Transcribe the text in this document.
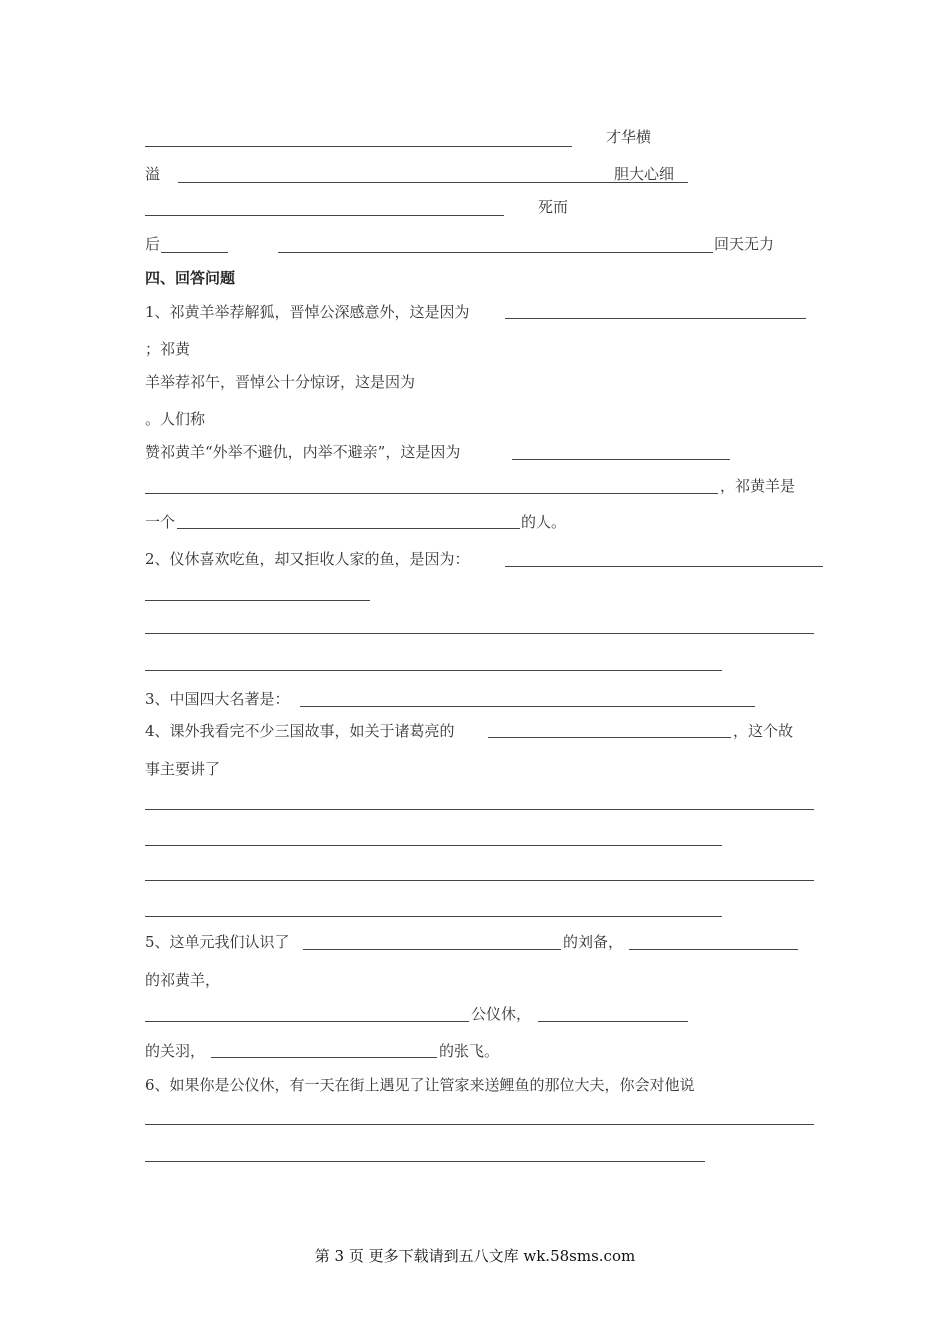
才华横
溢	胆大心细
死而
后	回天无力
四、回答问题
1、祁黄羊举荐解狐，晋悼公深感意外，这是因为
；祁黄
羊举荐祁午，晋悼公十分惊讶，这是因为
。人们称
赞祁黄羊“外举不避仇，内举不避亲”，这是因为
，祁黄羊是
一个	的人。
2、仪休喜欢吃鱼，却又拒收人家的鱼，是因为：
3、中国四大名著是：
4、课外我看完不少三国故事，如关于诸葛亮的	，这个故
事主要讲了
5、这单元我们认识了	的刘备，
的祁黄羊，
公仪休，
的关羽，	的张飞。
6、如果你是公仪休，有一天在街上遇见了让管家来送鲤鱼的那位大夫，你会对他说
第 3 页 更多下载请到五八文库 wk.58sms.com
